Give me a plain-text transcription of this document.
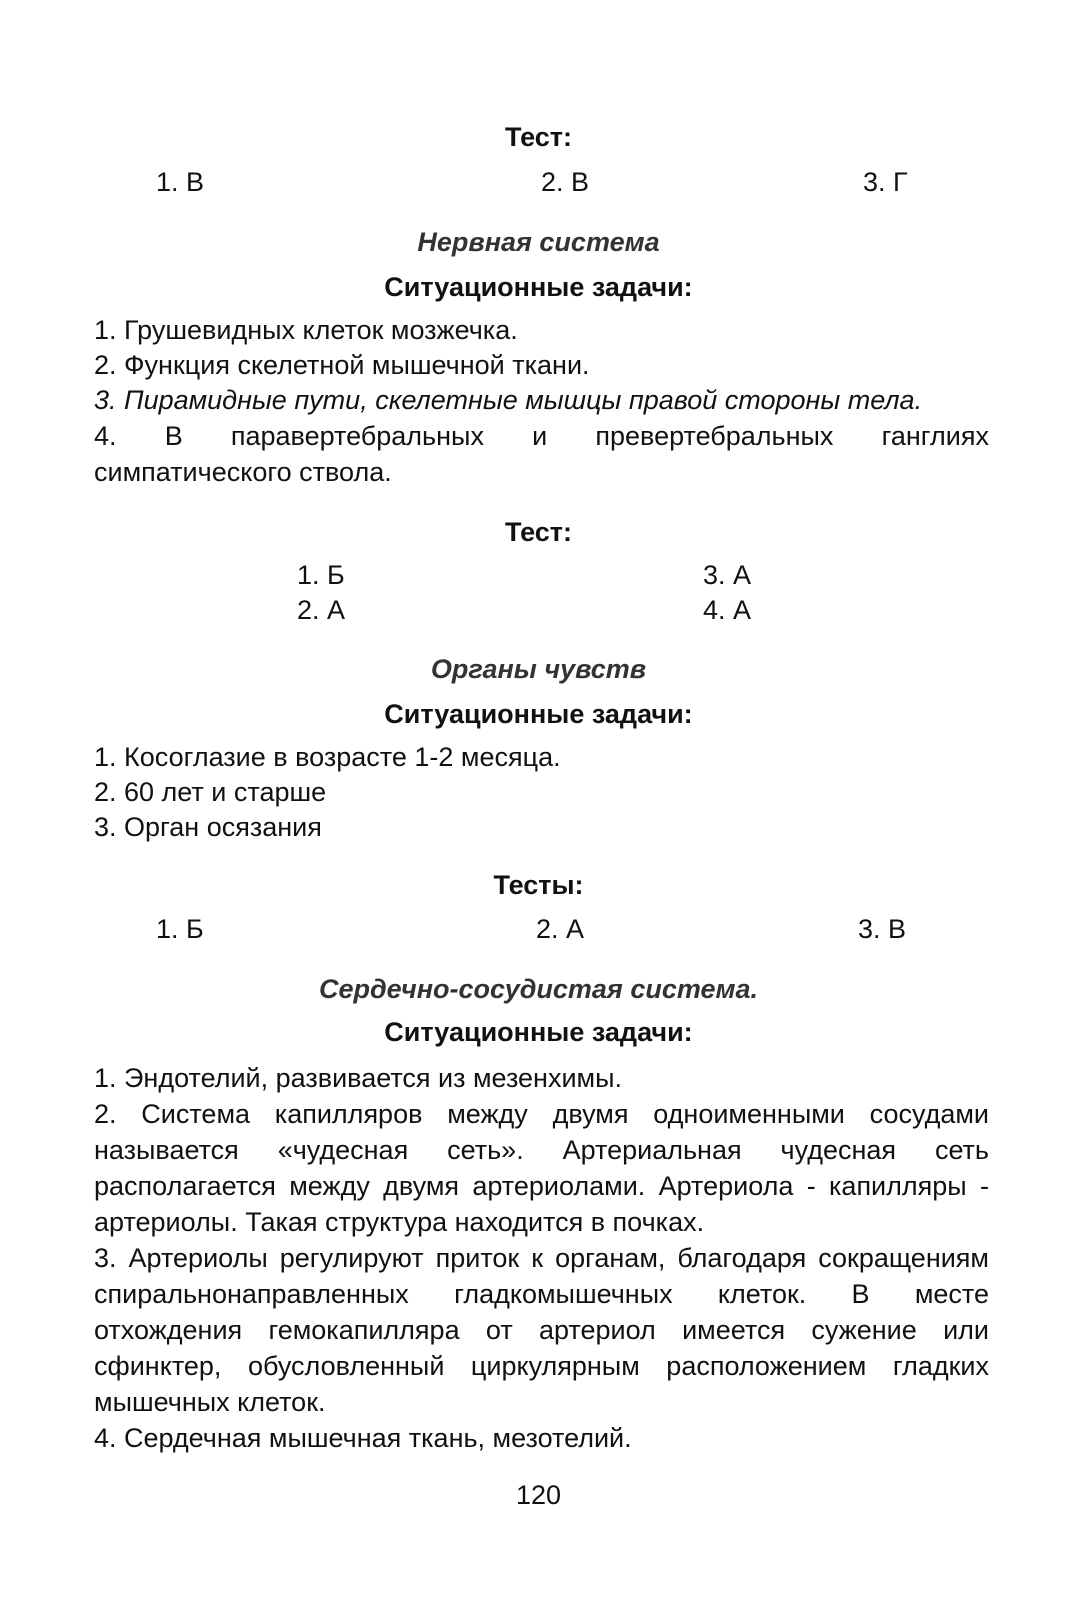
Тест:
1. В	2. В	3. Г
Нервная система
Ситуационные задачи:
1. Грушевидных клеток мозжечка.
2. Функция скелетной мышечной ткани.
3. Пирамидные пути, скелетные мышцы правой стороны тела.
4. В паравертебральных и превертебральных ганглиях симпатического ствола.
Тест:
1. Б	3. А
2. А	4. А
Органы чувств
Ситуационные задачи:
1. Косоглазие в возрасте 1-2 месяца.
2. 60 лет и старше
3. Орган осязания
Тесты:
1. Б	2. А	3. В
Сердечно-сосудистая система.
Ситуационные задачи:
1. Эндотелий, развивается из мезенхимы.
2. Система капилляров между двумя одноименными сосудами называется «чудесная сеть». Артериальная чудесная сеть располагается между двумя артериолами. Артериола - капилляры - артериолы. Такая структура находится в почках.
3. Артериолы регулируют приток к органам, благодаря сокращениям спиральнонаправленных гладкомышечных клеток. В месте отхождения гемокапилляра от артериол имеется сужение или сфинктер, обусловленный циркулярным расположением гладких мышечных клеток.
4. Сердечная мышечная ткань, мезотелий.
120
